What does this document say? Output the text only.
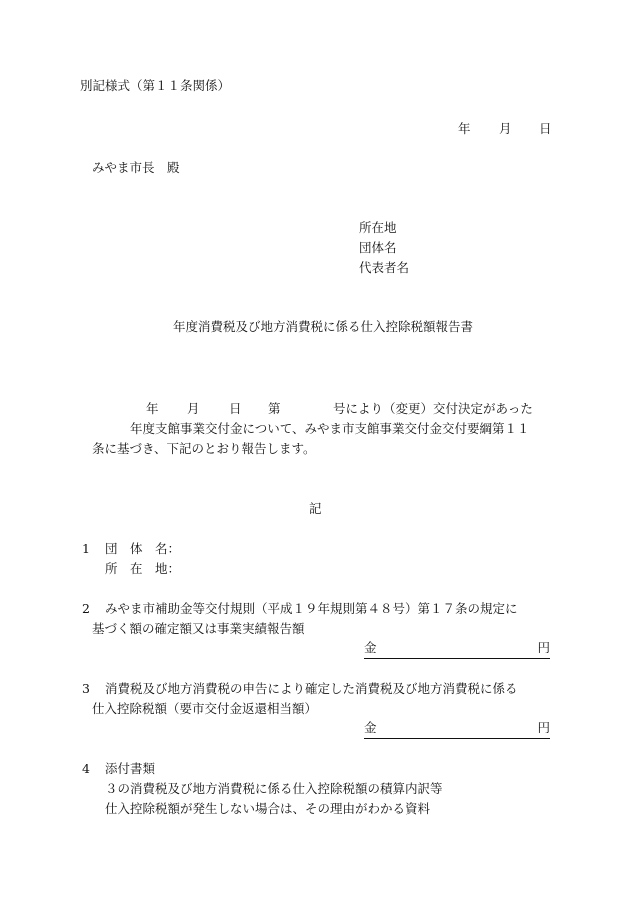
別記様式（第１１条関係）
年 月 日
みやま市長　殿
所在地
団体名
代表者名
年度消費税及び地方消費税に係る仕入控除税額報告書
年 月 日 第	号により（変更）交付決定があった
年度支館事業交付金について、みやま市支館事業交付金交付要綱第１１
条に基づき、下記のとおり報告します。
記
1 団　体　名：
所　在　地：
2 みやま市補助金等交付規則（平成１９年規則第４８号）第１７条の規定に
基づく額の確定額又は事業実績報告額
金	円
3 消費税及び地方消費税の申告により確定した消費税及び地方消費税に係る
仕入控除税額（要市交付金返還相当額）
金	円
4 添付書類
３の消費税及び地方消費税に係る仕入控除税額の積算内訳等
仕入控除税額が発生しない場合は、その理由がわかる資料
